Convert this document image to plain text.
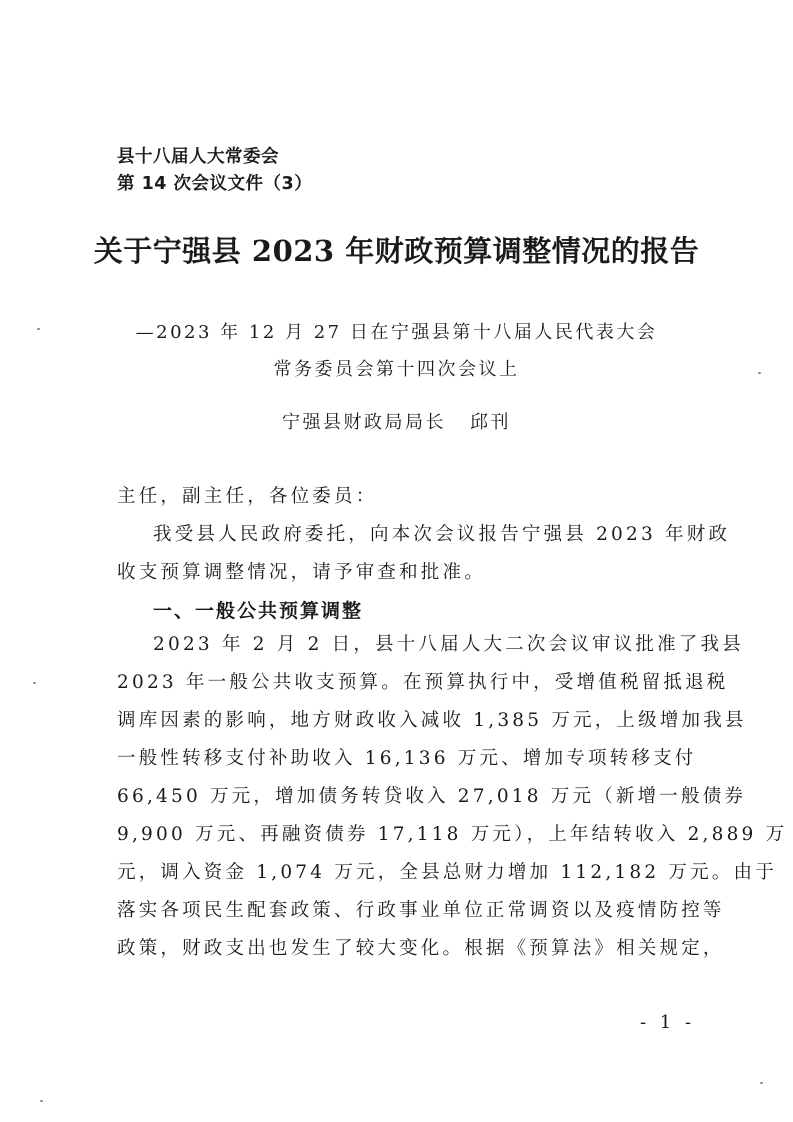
县十八届人大常委会
第 14 次会议文件（3）
关于宁强县 2023 年财政预算调整情况的报告
—2023 年 12 月 27 日在宁强县第十八届人民代表大会
常务委员会第十四次会议上
宁强县财政局局长 邱刊
主任，副主任，各位委员：
我受县人民政府委托，向本次会议报告宁强县 2023 年财政
收支预算调整情况，请予审查和批准。
一、一般公共预算调整
2023 年 2 月 2 日，县十八届人大二次会议审议批准了我县
2023 年一般公共收支预算。在预算执行中，受增值税留抵退税
调库因素的影响，地方财政收入减收 1,385 万元，上级增加我县
一般性转移支付补助收入 16,136 万元、增加专项转移支付
66,450 万元，增加债务转贷收入 27,018 万元（新增一般债券
9,900 万元、再融资债券 17,118 万元），上年结转收入 2,889 万
元，调入资金 1,074 万元，全县总财力增加 112,182 万元。由于
落实各项民生配套政策、行政事业单位正常调资以及疫情防控等
政策，财政支出也发生了较大变化。根据《预算法》相关规定，
- 1 -
